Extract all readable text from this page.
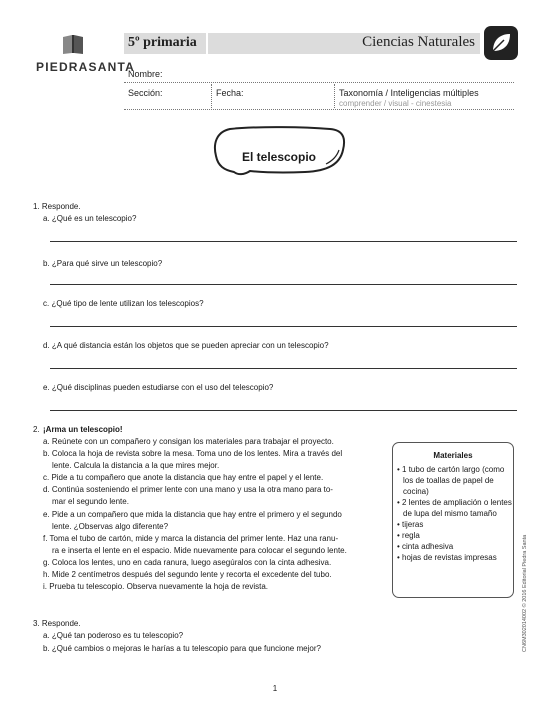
PIEDRASANTA
5º primaria	Ciencias Naturales
Nombre:
Sección:	Fecha:	Taxonomía / Inteligencias múltiples
comprender / visual - cinestesia
El telescopio
1. Responde.
a. ¿Qué es un telescopio?
b. ¿Para qué sirve un telescopio?
c. ¿Qué tipo de lente utilizan los telescopios?
d. ¿A qué distancia están los objetos que se pueden apreciar con un telescopio?
e. ¿Qué disciplinas pueden estudiarse con el uso del telescopio?
2. ¡Arma un telescopio!
a. Reúnete con un compañero y consigan los materiales para trabajar el proyecto.
b. Coloca la hoja de revista sobre la mesa. Toma uno de los lentes. Mira a través del
lente. Calcula la distancia a la que mires mejor.
c. Pide a tu compañero que anote la distancia que hay entre el papel y el lente.
d. Continúa sosteniendo el primer lente con una mano y usa la otra mano para to-
mar el segundo lente.
e. Pide a un compañero que mida la distancia que hay entre el primero y el segundo
lente. ¿Observas algo diferente?
f. Toma el tubo de cartón, mide y marca la distancia del primer lente. Haz una ranu-
ra e inserta el lente en el espacio. Mide nuevamente para colocar el segundo lente.
g. Coloca los lentes, uno en cada ranura, luego asegúralos con la cinta adhesiva.
h. Mide 2 centímetros después del segundo lente y recorta el excedente del tubo.
i. Prueba tu telescopio. Observa nuevamente la hoja de revista.
Materiales
• 1 tubo de cartón largo (como los de toallas de papel de cocina)
• 2 lentes de ampliación o lentes de lupa del mismo tamaño
• tijeras
• regla
• cinta adhesiva
• hojas de revistas impresas
3. Responde.
a. ¿Qué tan poderoso es tu telescopio?
b. ¿Qué cambios o mejoras le harías a tu telescopio para que funcione mejor?	CN6M302014002 © 2016 Editorial Piedra Santa
1
